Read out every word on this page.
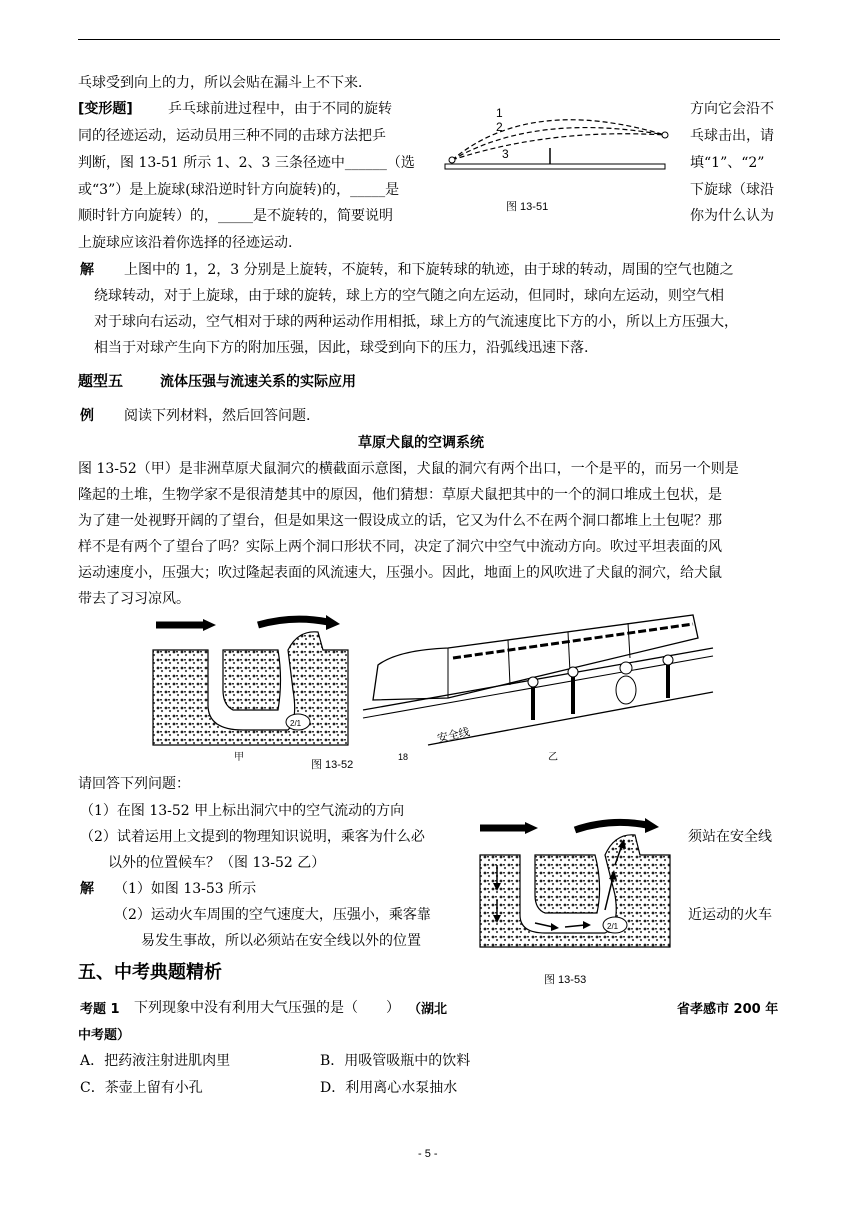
乓球受到向上的力，所以会贴在漏斗上不下来．
[变形题]	乒乓球前进过程中，由于不同的旋转	方向它会沿不
同的径迹运动，运动员用三种不同的击球方法把乒	乓球击出，请
判断，图 13-51 所示 1、2、3 三条径迹中______（选	填“1”、“2”
或“3”）是上旋球(球沿逆时针方向旋转)的，_____是	下旋球（球沿
顺时针方向旋转）的，_____是不旋转的，简要说明	你为什么认为
上旋球应该沿着你选择的径迹运动.
1
2
3
图 13-51
解 上图中的 1，2，3 分别是上旋转，不旋转，和下旋转球的轨迹，由于球的转动，周围的空气也随之
绕球转动，对于上旋球，由于球的旋转，球上方的空气随之向左运动，但同时，球向左运动，则空气相
对于球向右运动，空气相对于球的两种运动作用相抵，球上方的气流速度比下方的小，所以上方压强大，
相当于对球产生向下方的附加压强，因此，球受到向下的压力，沿弧线迅速下落.
题型五	流体压强与流速关系的实际应用
例 阅读下列材料，然后回答问题.
草原犬鼠的空调系统
图 13-52（甲）是非洲草原犬鼠洞穴的横截面示意图，犬鼠的洞穴有两个出口，一个是平的，而另一个则是
隆起的土堆，生物学家不是很清楚其中的原因，他们猜想：草原犬鼠把其中的一个的洞口堆成土包状，是
为了建一处视野开阔的了望台，但是如果这一假设成立的话，它又为什么不在两个洞口都堆上土包呢？那
样不是有两个了望台了吗？实际上两个洞口形状不同，决定了洞穴中空气中流动方向。吹过平坦表面的风
运动速度小，压强大；吹过隆起表面的风流速大，压强小。因此，地面上的风吹进了犬鼠的洞穴，给犬鼠
带去了习习凉风。
2/1
甲
安全线
18	乙
图 13-52
请回答下列问题：
（1）在图 13-52 甲上标出洞穴中的空气流动的方向
（2）试着运用上文提到的物理知识说明，乘客为什么必	须站在安全线
以外的位置候车？（图 13-52 乙）
解 （1）如图 13-53 所示
（2）运动火车周围的空气速度大，压强小，乘客靠	近运动的火车
易发生事故，所以必须站在安全线以外的位置
2/1
图 13-53
五、中考典题精析
考题 1 下列现象中没有利用大气压强的是（　　） （湖北	省孝感市 200 年
中考题）
A．把药液注射进肌肉里	B．用吸管吸瓶中的饮料
C．茶壶上留有小孔	D．利用离心水泵抽水
- 5 -
